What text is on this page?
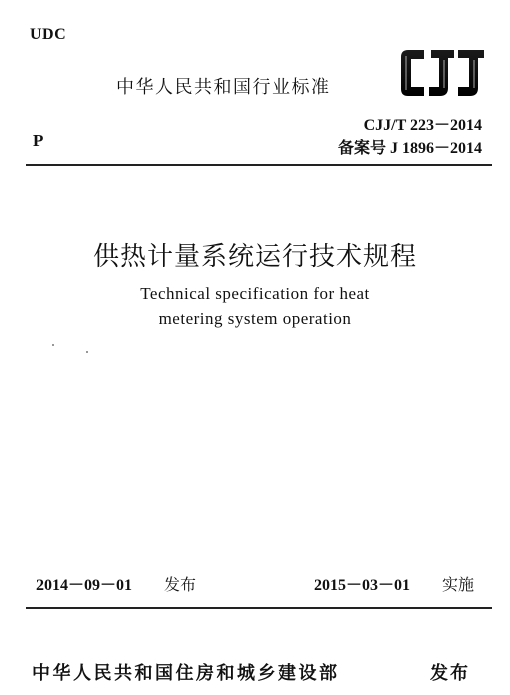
UDC
中华人民共和国行业标准
CJJ/T 223－2014
P	备案号 J 1896－2014
供热计量系统运行技术规程
Technical specification for heat
metering system operation
2014－09－01 发布	2015－03－01 实施
中华人民共和国住房和城乡建设部	发布
